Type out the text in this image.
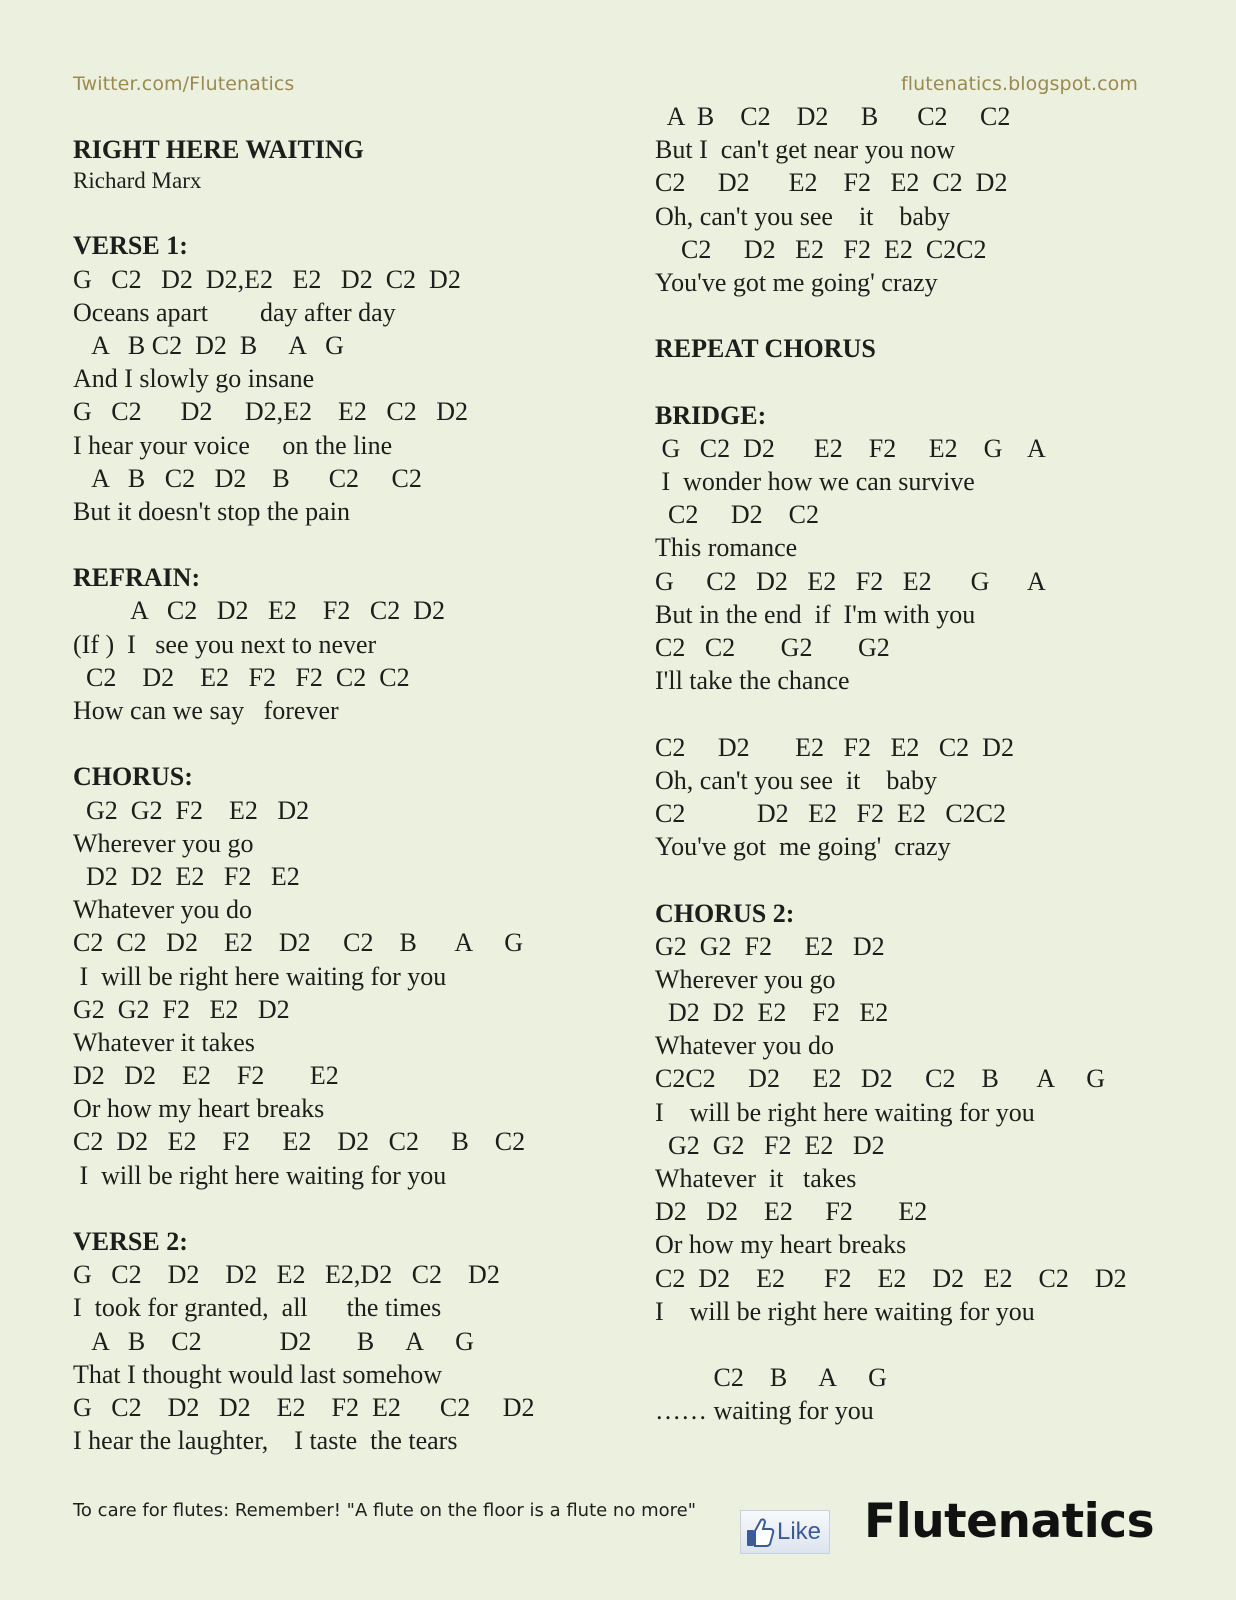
Twitter.com/Flutenatics	flutenatics.blogspot.com
RIGHT HERE WAITING
Richard Marx
VERSE 1:
G   C2   D2  D2,E2   E2   D2  C2  D2
Oceans apart        day after day
A   B C2  D2  B     A   G
And I slowly go insane
G   C2      D2     D2,E2    E2   C2   D2
I hear your voice     on the line
A   B   C2   D2    B      C2     C2
But it doesn't stop the pain
REFRAIN:
A   C2   D2   E2    F2   C2  D2
(If )  I   see you next to never
C2    D2    E2   F2   F2  C2  C2
How can we say   forever
CHORUS:
G2  G2  F2    E2   D2
Wherever you go
D2  D2  E2   F2   E2
Whatever you do
C2  C2   D2    E2    D2     C2    B      A     G
I  will be right here waiting for you
G2  G2  F2   E2   D2
Whatever it takes
D2   D2    E2    F2       E2
Or how my heart breaks
C2  D2   E2    F2     E2    D2   C2     B    C2
I  will be right here waiting for you
VERSE 2:
G   C2    D2    D2   E2   E2,D2   C2    D2
I  took for granted,  all      the times
A   B    C2            D2       B     A     G
That I thought would last somehow
G   C2    D2   D2    E2    F2  E2      C2     D2
I hear the laughter,    I taste  the tears
A  B    C2    D2     B      C2     C2
But I  can't get near you now
C2     D2      E2    F2   E2  C2  D2
Oh, can't you see    it    baby
C2     D2   E2   F2  E2  C2C2
You've got me going' crazy
REPEAT CHORUS
BRIDGE:
G   C2  D2      E2    F2     E2    G    A
I  wonder how we can survive
C2     D2    C2
This romance
G     C2   D2   E2   F2   E2      G      A
But in the end  if  I'm with you
C2   C2       G2       G2
I'll take the chance
C2     D2       E2   F2   E2   C2  D2
Oh, can't you see  it    baby
C2           D2   E2   F2  E2   C2C2
You've got  me going'  crazy
CHORUS 2:
G2  G2  F2     E2   D2
Wherever you go
D2  D2  E2    F2   E2
Whatever you do
C2C2     D2     E2   D2     C2    B      A     G
I    will be right here waiting for you
G2  G2   F2  E2   D2
Whatever  it   takes
D2   D2    E2     F2       E2
Or how my heart breaks
C2  D2    E2      F2    E2    D2   E2    C2    D2
I    will be right here waiting for you
C2    B     A     G
…… waiting for you
To care for flutes: Remember! "A flute on the floor is a flute no more"
Like Flutenatics
